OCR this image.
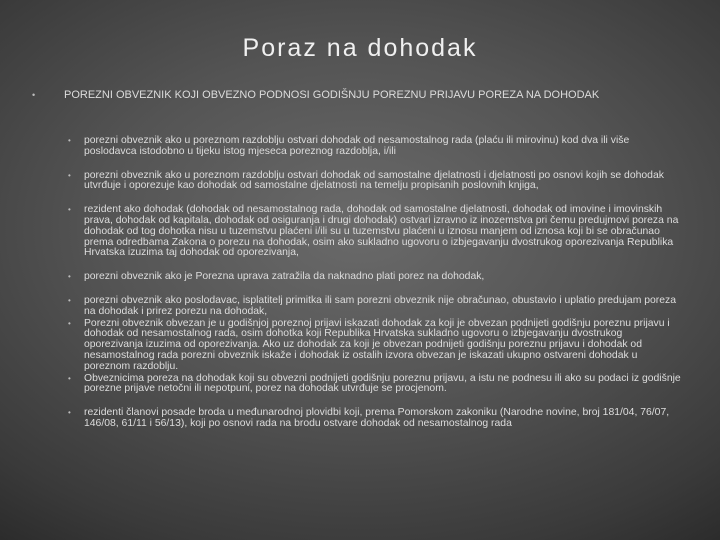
Poraz na dohodak
•	POREZNI OBVEZNIK KOJI OBVEZNO PODNOSI GODIŠNJU POREZNU PRIJAVU POREZA NA DOHODAK

• porezni obveznik ako u poreznom razdoblju ostvari dohodak od nesamostalnog rada (plaću ili mirovinu) kod dva ili više poslodavca istodobno u tijeku istog mjeseca poreznog razdoblja, i/ili

• porezni obveznik ako u poreznom razdoblju ostvari dohodak od samostalne djelatnosti i djelatnosti po osnovi kojih se dohodak utvrđuje i oporezuje kao dohodak od samostalne djelatnosti na temelju propisanih poslovnih knjiga,

• rezident ako dohodak (dohodak od nesamostalnog rada, dohodak od samostalne djelatnosti, dohodak od imovine i imovinskih prava, dohodak od kapitala, dohodak od osiguranja i drugi dohodak) ostvari izravno iz inozemstva pri čemu predujmovi poreza na dohodak od tog dohotka nisu u tuzemstvu plaćeni i/ili su u tuzemstvu plaćeni u iznosu manjem od iznosa koji bi se obračunao prema odredbama Zakona o porezu na dohodak, osim ako sukladno ugovoru o izbjegavanju dvostrukog oporezivanja Republika Hrvatska izuzima taj dohodak od oporezivanja,

• porezni obveznik ako je Porezna uprava zatražila da naknadno plati porez na dohodak,

• porezni obveznik ako poslodavac, isplatitelj primitka ili sam porezni obveznik nije obračunao, obustavio i uplatio predujam poreza na dohodak i prirez porezu na dohodak,

• Porezni obveznik obvezan je u godišnjoj poreznoj prijavi iskazati dohodak za koji je obvezan podnijeti godišnju poreznu prijavu i dohodak od nesamostalnog rada, osim dohotka koji Republika Hrvatska sukladno ugovoru o izbjegavanju dvostrukog oporezivanja izuzima od oporezivanja. Ako uz dohodak za koji je obvezan podnijeti godišnju poreznu prijavu i dohodak od nesamostalnog rada porezni obveznik iskaže i dohodak iz ostalih izvora obvezan je iskazati ukupno ostvareni dohodak u poreznom razdoblju.

• Obveznicima poreza na dohodak koji su obvezni podnijeti godišnju poreznu prijavu, a istu ne podnesu ili ako su podaci iz godišnje porezne prijave netočni ili nepotpuni, porez na dohodak utvrđuje se procjenom.

• rezidenti članovi posade broda u međunarodnoj plovidbi koji, prema Pomorskom zakoniku (Narodne novine, broj 181/04, 76/07, 146/08, 61/11 i 56/13), koji po osnovi rada na brodu ostvare dohodak od nesamostalnog rada
